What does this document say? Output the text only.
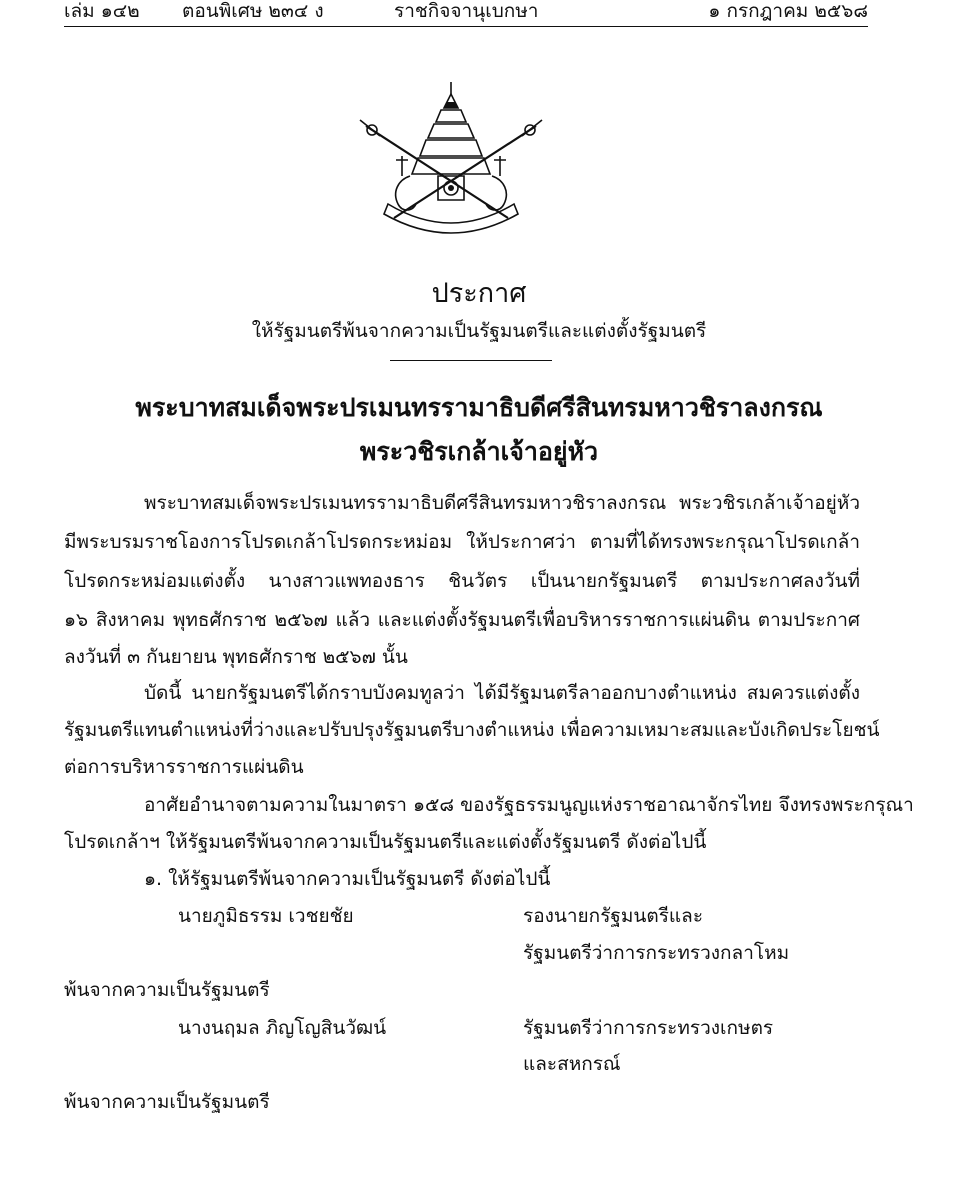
เล่ม ๑๔๒ ตอนพิเศษ ๒๓๔ ง	ราชกิจจานุเบกษา	๑ กรกฎาคม ๒๕๖๘
ประกาศ
ให้รัฐมนตรีพ้นจากความเป็นรัฐมนตรีและแต่งตั้งรัฐมนตรี
พระบาทสมเด็จพระปรเมนทรรามาธิบดีศรีสินทรมหาวชิราลงกรณ
พระวชิรเกล้าเจ้าอยู่หัว
พระบาทสมเด็จพระปรเมนทรรามาธิบดีศรีสินทรมหาวชิราลงกรณ พระวชิรเกล้าเจ้าอยู่หัว
มีพระบรมราชโองการโปรดเกล้าโปรดกระหม่อม ให้ประกาศว่า ตามที่ได้ทรงพระกรุณาโปรดเกล้า
โปรดกระหม่อมแต่งตั้ง นางสาวแพทองธาร ชินวัตร เป็นนายกรัฐมนตรี ตามประกาศลงวันที่
๑๖ สิงหาคม พุทธศักราช ๒๕๖๗ แล้ว และแต่งตั้งรัฐมนตรีเพื่อบริหารราชการแผ่นดิน ตามประกาศ
ลงวันที่ ๓ กันยายน พุทธศักราช ๒๕๖๗ นั้น
บัดนี้ นายกรัฐมนตรีได้กราบบังคมทูลว่า ได้มีรัฐมนตรีลาออกบางตำแหน่ง สมควรแต่งตั้ง
รัฐมนตรีแทนตำแหน่งที่ว่างและปรับปรุงรัฐมนตรีบางตำแหน่ง เพื่อความเหมาะสมและบังเกิดประโยชน์
ต่อการบริหารราชการแผ่นดิน
อาศัยอำนาจตามความในมาตรา ๑๕๘ ของรัฐธรรมนูญแห่งราชอาณาจักรไทย จึงทรงพระกรุณา
โปรดเกล้าฯ ให้รัฐมนตรีพ้นจากความเป็นรัฐมนตรีและแต่งตั้งรัฐมนตรี ดังต่อไปนี้
๑. ให้รัฐมนตรีพ้นจากความเป็นรัฐมนตรี ดังต่อไปนี้
นายภูมิธรรม เวชยชัย	รองนายกรัฐมนตรีและ
รัฐมนตรีว่าการกระทรวงกลาโหม
พ้นจากความเป็นรัฐมนตรี
นางนฤมล ภิญโญสินวัฒน์	รัฐมนตรีว่าการกระทรวงเกษตร
และสหกรณ์
พ้นจากความเป็นรัฐมนตรี
